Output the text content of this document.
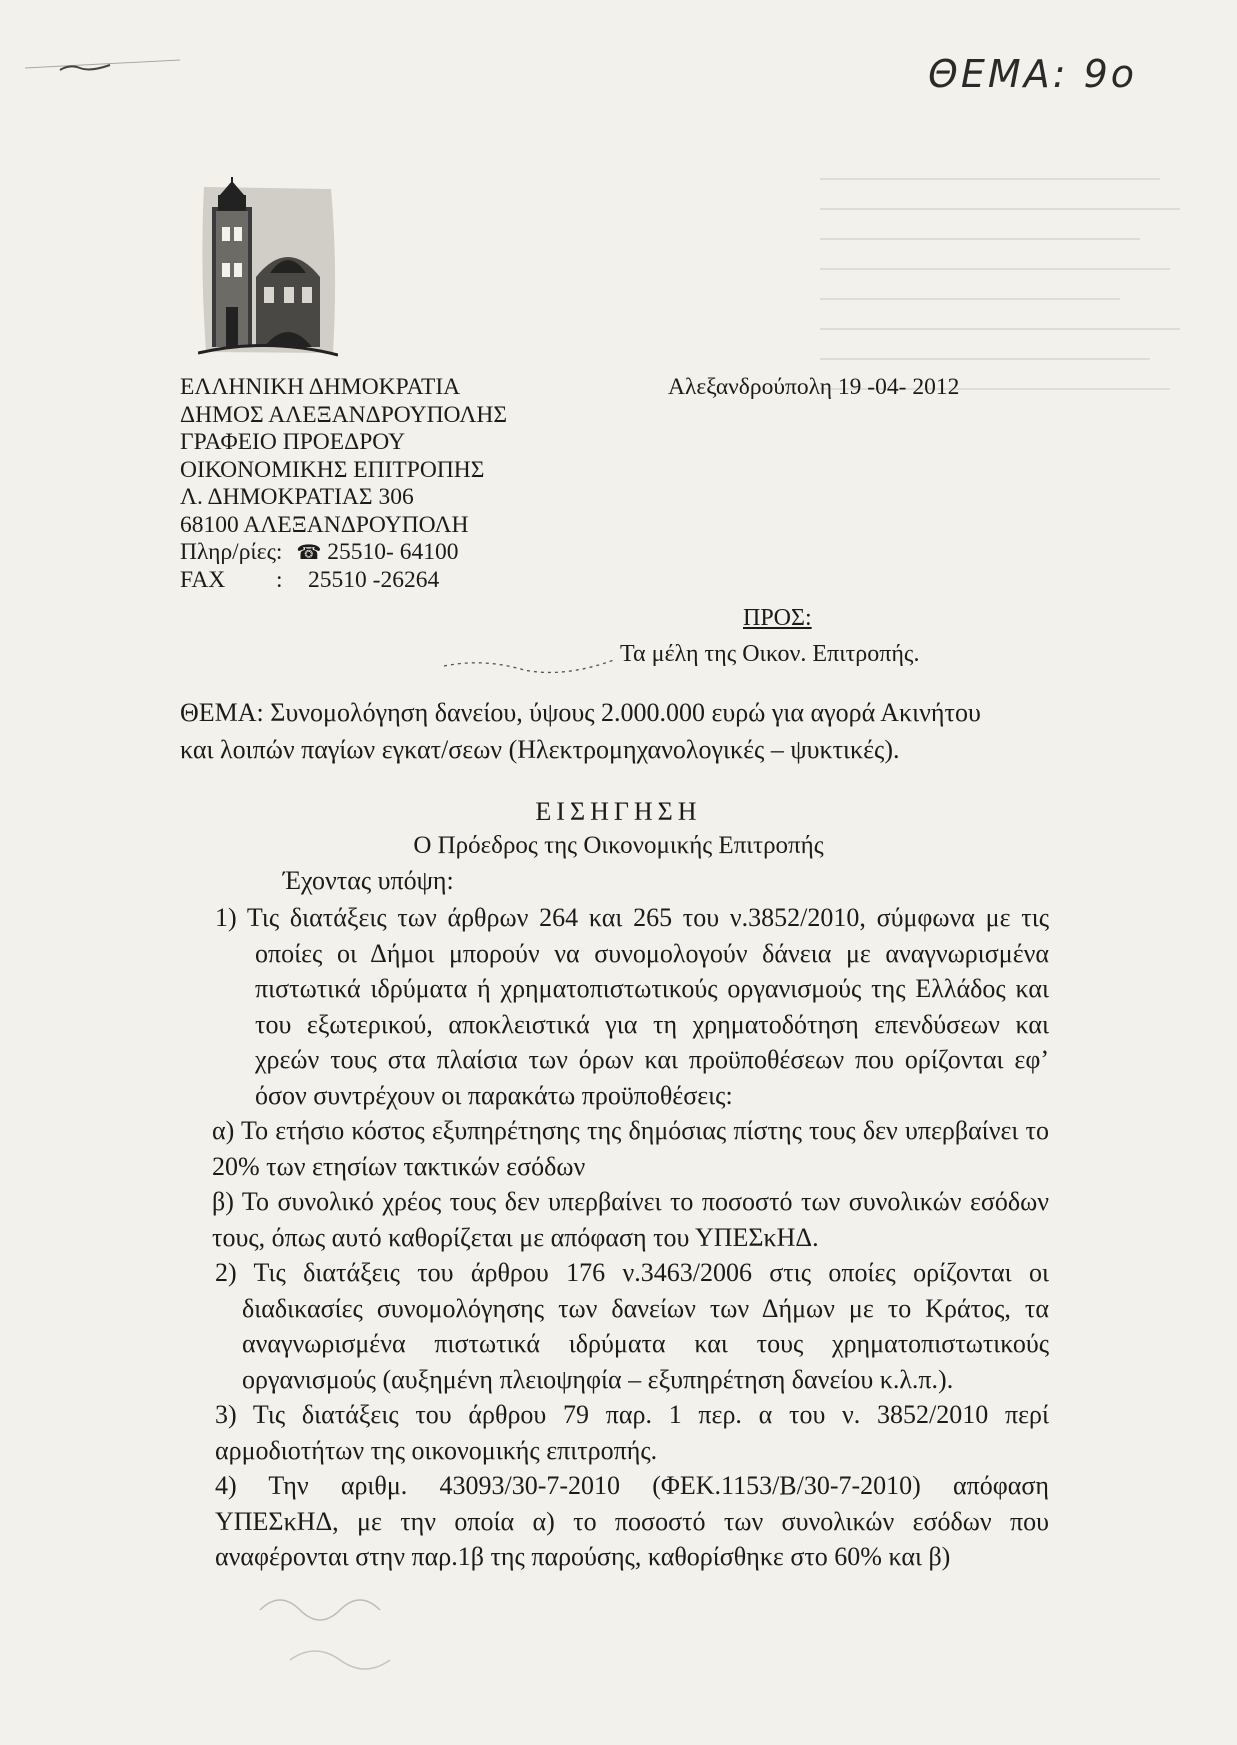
ΘΕΜΑ: 9ο
ΕΛΛΗΝΙΚΗ ΔΗΜΟΚΡΑΤΙΑ
ΔΗΜΟΣ ΑΛΕΞΑΝΔΡΟΥΠΟΛΗΣ
ΓΡΑΦΕΙΟ ΠΡΟΕΔΡΟΥ
ΟΙΚΟΝΟΜΙΚΗΣ ΕΠΙΤΡΟΠΗΣ
Λ. ΔΗΜΟΚΡΑΤΙΑΣ 306
68100 ΑΛΕΞΑΝΔΡΟΥΠΟΛΗ
Πληρ/ρίες: ☎ 25510- 64100
FAX : 25510 -26264
Αλεξανδρούπολη 19 -04- 2012
ΠΡΟΣ:
Τα μέλη της Οικον. Επιτροπής.
ΘΕΜΑ: Συνομολόγηση δανείου, ύψους 2.000.000 ευρώ για αγορά Ακινήτου και λοιπών παγίων εγκατ/σεων (Ηλεκτρομηχανολογικές – ψυκτικές).
ΕΙΣΗΓΗΣΗ
Ο Πρόεδρος της Οικονομικής Επιτροπής
Έχοντας υπόψη:

1) Τις διατάξεις των άρθρων 264 και 265 του ν.3852/2010, σύμφωνα με τις οποίες οι Δήμοι μπορούν να συνομολογούν δάνεια με αναγνωρισμένα πιστωτικά ιδρύματα ή χρηματοπιστωτικούς οργανισμούς της Ελλάδος και του εξωτερικού, αποκλειστικά για τη χρηματοδότηση επενδύσεων και χρεών τους στα πλαίσια των όρων και προϋποθέσεων που ορίζονται εφ’ όσον συντρέχουν οι παρακάτω προϋποθέσεις:

α) Το ετήσιο κόστος εξυπηρέτησης της δημόσιας πίστης τους δεν υπερβαίνει το 20% των ετησίων τακτικών εσόδων

β) Το συνολικό χρέος τους δεν υπερβαίνει το ποσοστό των συνολικών εσόδων τους, όπως αυτό καθορίζεται με απόφαση του ΥΠΕΣκΗΔ.

2) Τις διατάξεις του άρθρου 176 ν.3463/2006 στις οποίες ορίζονται οι διαδικασίες συνομολόγησης των δανείων των Δήμων με το Κράτος, τα αναγνωρισμένα πιστωτικά ιδρύματα και τους χρηματοπιστωτικούς οργανισμούς (αυξημένη πλειοψηφία – εξυπηρέτηση δανείου κ.λ.π.).

3) Τις διατάξεις του άρθρου 79 παρ. 1 περ. α του ν. 3852/2010 περί αρμοδιοτήτων της οικονομικής επιτροπής.

4) Την αριθμ. 43093/30-7-2010 (ΦΕΚ.1153/Β/30-7-2010) απόφαση ΥΠΕΣκΗΔ, με την οποία α) το ποσοστό των συνολικών εσόδων που αναφέρονται στην παρ.1β της παρούσης, καθορίσθηκε στο 60% και β)
